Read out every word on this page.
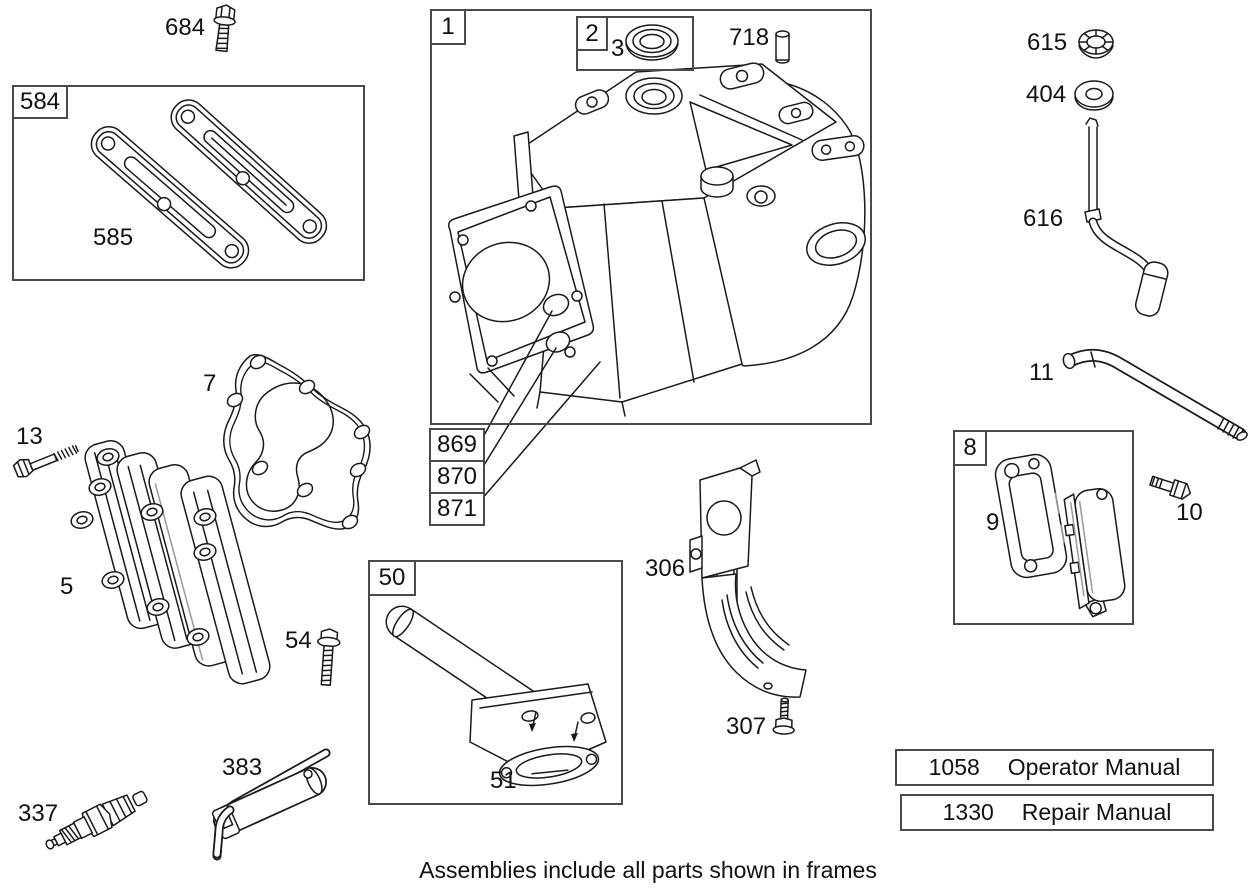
584
1	2
8
50
869
870
871
684
585
3	718	615
404
616
11
7
13
5
9	10
54
306
307
51
383
337
1058 Operator Manual
1330 Repair Manual
Assemblies include all parts shown in frames
